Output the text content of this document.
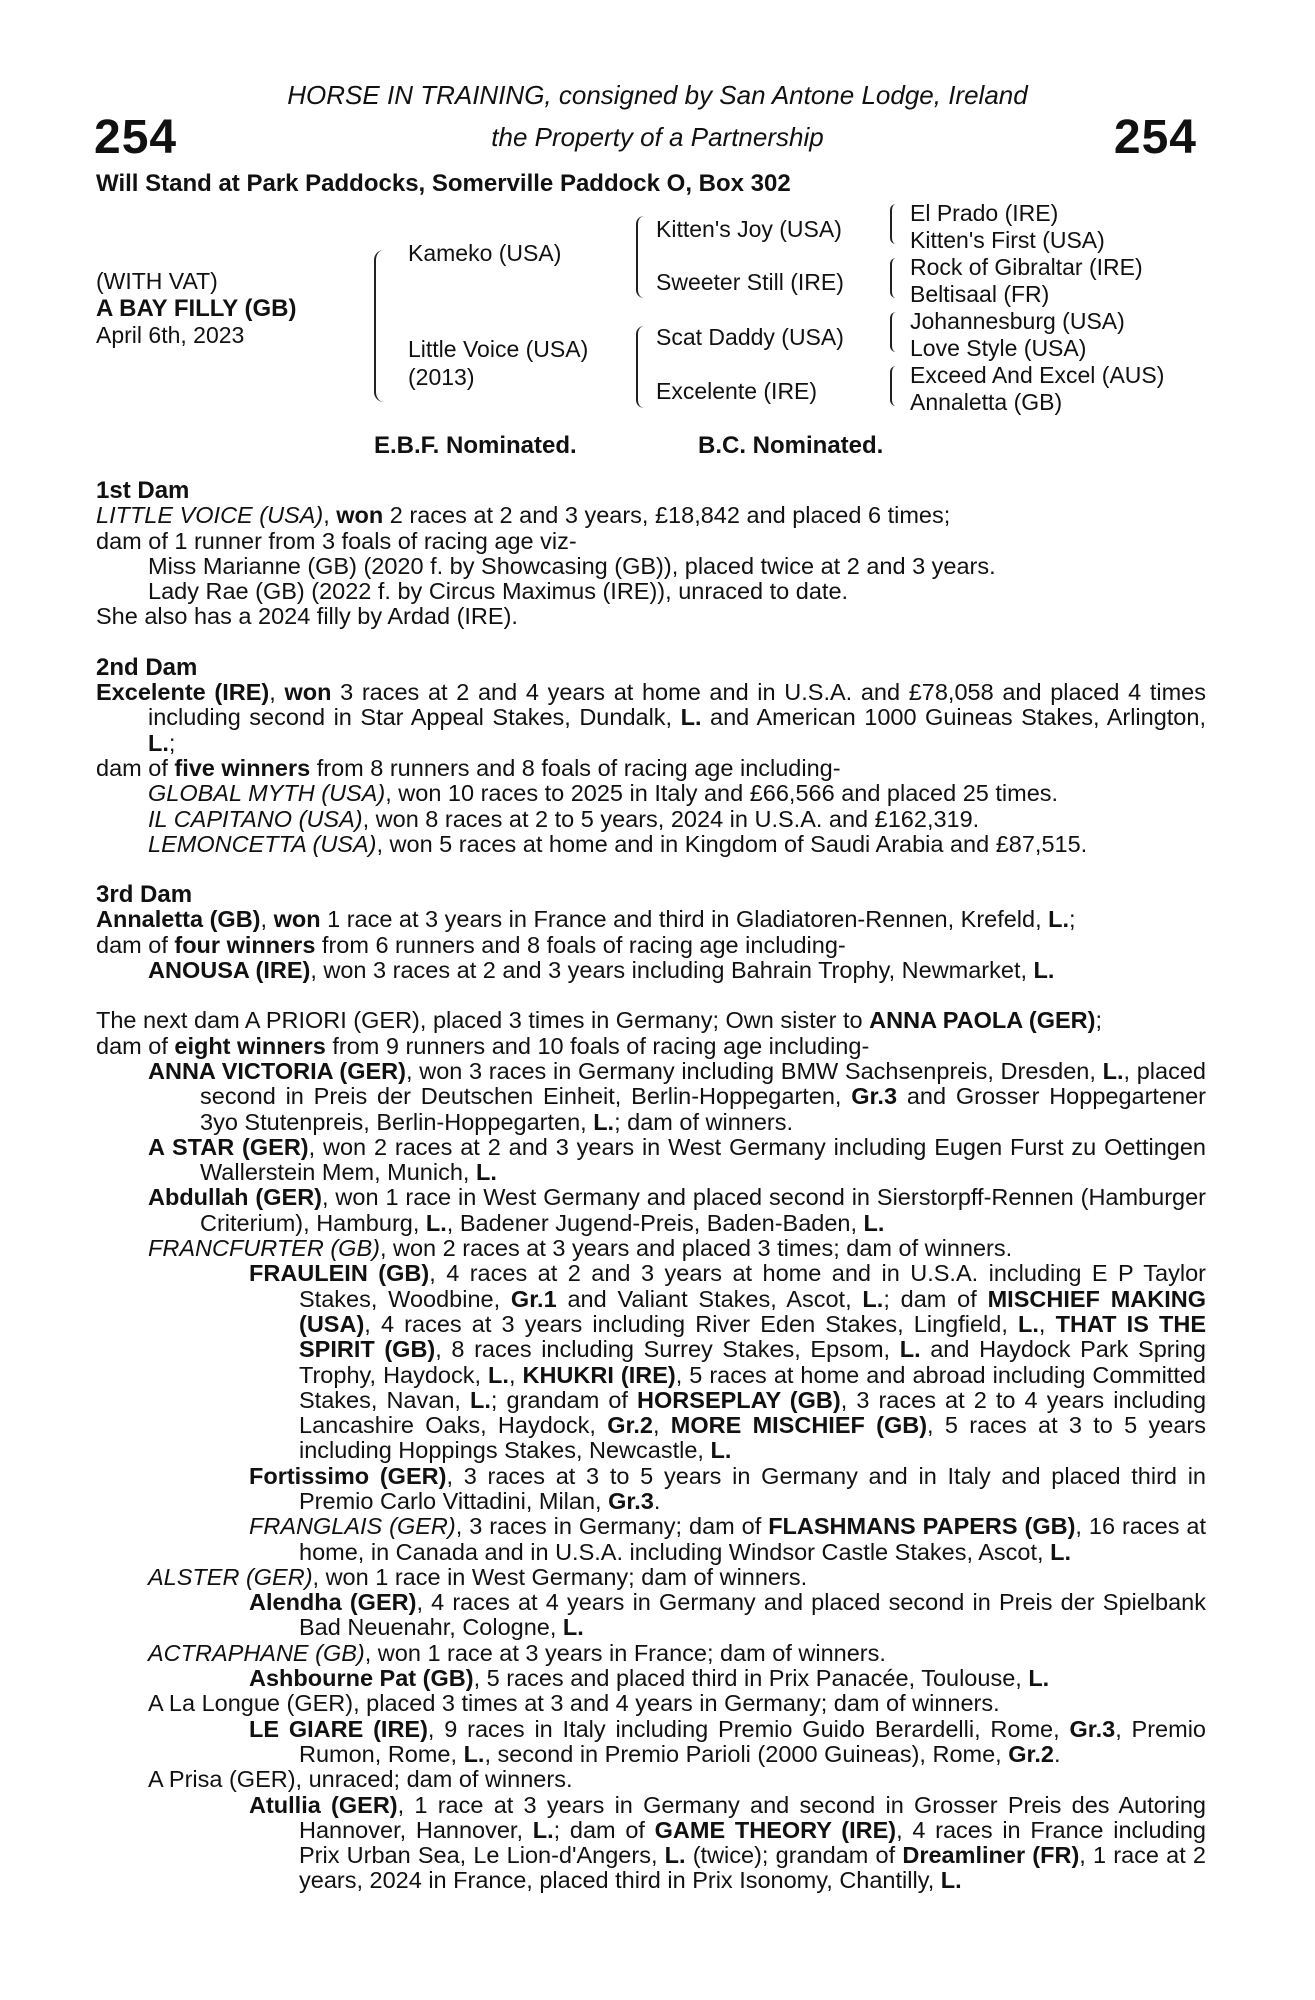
254	254
HORSE IN TRAINING, consigned by San Antone Lodge, Ireland
the Property of a Partnership
Will Stand at Park Paddocks, Somerville Paddock O, Box 302
(WITH VAT)
A BAY FILLY (GB)
April 6th, 2023
Kameko (USA)
Little Voice (USA)
(2013)
Kitten's Joy (USA)
Sweeter Still (IRE)
Scat Daddy (USA)
Excelente (IRE)
El Prado (IRE)
Kitten's First (USA)
Rock of Gibraltar (IRE)
Beltisaal (FR)
Johannesburg (USA)
Love Style (USA)
Exceed And Excel (AUS)
Annaletta (GB)
E.B.F. Nominated.	B.C. Nominated.
1st Dam
LITTLE VOICE (USA), won 2 races at 2 and 3 years, £18,842 and placed 6 times;
dam of 1 runner from 3 foals of racing age viz-
Miss Marianne (GB) (2020 f. by Showcasing (GB)), placed twice at 2 and 3 years.
Lady Rae (GB) (2022 f. by Circus Maximus (IRE)), unraced to date.
She also has a 2024 filly by Ardad (IRE).
2nd Dam
Excelente (IRE), won 3 races at 2 and 4 years at home and in U.S.A. and £78,058 and placed 4 times including second in Star Appeal Stakes, Dundalk, L. and American 1000 Guineas Stakes, Arlington, L.;
dam of five winners from 8 runners and 8 foals of racing age including-
GLOBAL MYTH (USA), won 10 races to 2025 in Italy and £66,566 and placed 25 times.
IL CAPITANO (USA), won 8 races at 2 to 5 years, 2024 in U.S.A. and £162,319.
LEMONCETTA (USA), won 5 races at home and in Kingdom of Saudi Arabia and £87,515.
3rd Dam
Annaletta (GB), won 1 race at 3 years in France and third in Gladiatoren-Rennen, Krefeld, L.;
dam of four winners from 6 runners and 8 foals of racing age including-
ANOUSA (IRE), won 3 races at 2 and 3 years including Bahrain Trophy, Newmarket, L.
The next dam A PRIORI (GER), placed 3 times in Germany; Own sister to ANNA PAOLA (GER);
dam of eight winners from 9 runners and 10 foals of racing age including-
ANNA VICTORIA (GER), won 3 races in Germany including BMW Sachsenpreis, Dresden, L., placed second in Preis der Deutschen Einheit, Berlin-Hoppegarten, Gr.3 and Grosser Hoppegartener 3yo Stutenpreis, Berlin-Hoppegarten, L.; dam of winners.
A STAR (GER), won 2 races at 2 and 3 years in West Germany including Eugen Furst zu Oettingen Wallerstein Mem, Munich, L.
Abdullah (GER), won 1 race in West Germany and placed second in Sierstorpff-Rennen (Hamburger Criterium), Hamburg, L., Badener Jugend-Preis, Baden-Baden, L.
FRANCFURTER (GB), won 2 races at 3 years and placed 3 times; dam of winners.
FRAULEIN (GB), 4 races at 2 and 3 years at home and in U.S.A. including E P Taylor Stakes, Woodbine, Gr.1 and Valiant Stakes, Ascot, L.; dam of MISCHIEF MAKING (USA), 4 races at 3 years including River Eden Stakes, Lingfield, L., THAT IS THE SPIRIT (GB), 8 races including Surrey Stakes, Epsom, L. and Haydock Park Spring Trophy, Haydock, L., KHUKRI (IRE), 5 races at home and abroad including Committed Stakes, Navan, L.; grandam of HORSEPLAY (GB), 3 races at 2 to 4 years including Lancashire Oaks, Haydock, Gr.2, MORE MISCHIEF (GB), 5 races at 3 to 5 years including Hoppings Stakes, Newcastle, L.
Fortissimo (GER), 3 races at 3 to 5 years in Germany and in Italy and placed third in Premio Carlo Vittadini, Milan, Gr.3.
FRANGLAIS (GER), 3 races in Germany; dam of FLASHMANS PAPERS (GB), 16 races at home, in Canada and in U.S.A. including Windsor Castle Stakes, Ascot, L.
ALSTER (GER), won 1 race in West Germany; dam of winners.
Alendha (GER), 4 races at 4 years in Germany and placed second in Preis der Spielbank Bad Neuenahr, Cologne, L.
ACTRAPHANE (GB), won 1 race at 3 years in France; dam of winners.
Ashbourne Pat (GB), 5 races and placed third in Prix Panacée, Toulouse, L.
A La Longue (GER), placed 3 times at 3 and 4 years in Germany; dam of winners.
LE GIARE (IRE), 9 races in Italy including Premio Guido Berardelli, Rome, Gr.3, Premio Rumon, Rome, L., second in Premio Parioli (2000 Guineas), Rome, Gr.2.
A Prisa (GER), unraced; dam of winners.
Atullia (GER), 1 race at 3 years in Germany and second in Grosser Preis des Autoring Hannover, Hannover, L.; dam of GAME THEORY (IRE), 4 races in France including Prix Urban Sea, Le Lion-d'Angers, L. (twice); grandam of Dreamliner (FR), 1 race at 2 years, 2024 in France, placed third in Prix Isonomy, Chantilly, L.
